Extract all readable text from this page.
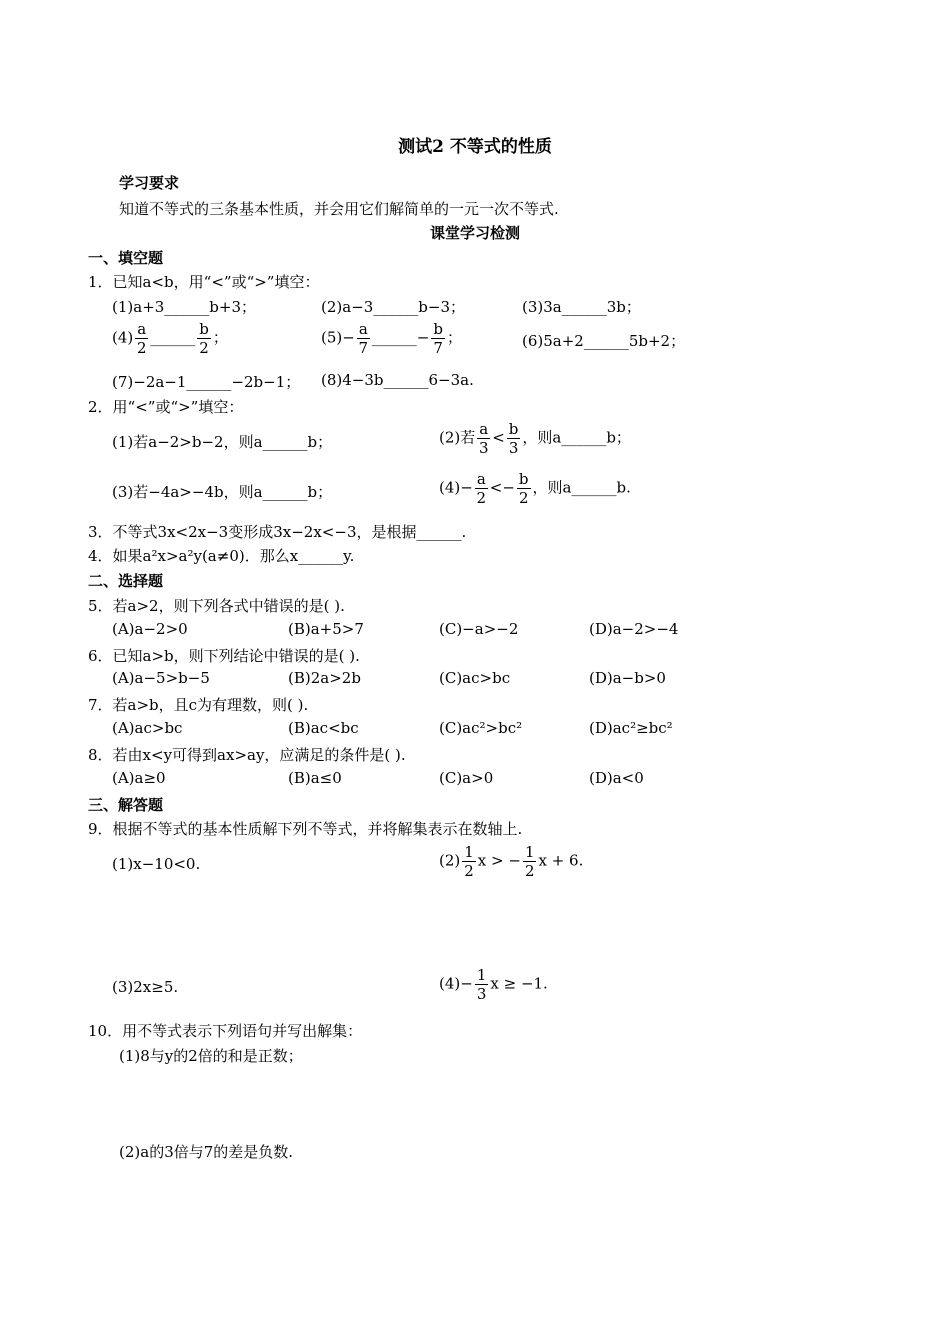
测试2 不等式的性质
学习要求
知道不等式的三条基本性质，并会用它们解简单的一元一次不等式.
课堂学习检测
一、填空题
1．已知a<b，用“<”或“>”填空：
(1)a+3______b+3；	(2)a−3______b−3；	(3)3a______3b；
$(4) \frac{a}{2}$ ______ $\frac{b}{2}$ ；	$(5)- \frac{a}{7}$ ______− $\frac{b}{7}$ ；	(6)5a+2______5b+2；
(7)−2a−1______−2b−1； (8)4−3b______6−3a.
2．用“<”或“>”填空：
(1)若a−2>b−2，则a______b；	(2)若 $\frac{a}{3} < \frac{b}{3}$ ，则a______b；
(3)若−4a>−4b，则a______b；	$(4)- \frac{a}{2} <- \frac{b}{2}$ ，则a______b.
3．不等式3x<2x−3变形成3x−2x<−3，是根据______.
4．如果a²x>a²y(a≠0)．那么x______y.
二、选择题
5．若a>2，则下列各式中错误的是( ).
(A)a−2>0	(B)a+5>7	(C)−a>−2	(D)a−2>−4
6．已知a>b，则下列结论中错误的是( ).
(A)a−5>b−5	(B)2a>2b	(C)ac>bc	(D)a−b>0
7．若a>b，且c为有理数，则( ).
(A)ac>bc	(B)ac<bc	(C)ac²>bc²	(D)ac²≥bc²
8．若由x<y可得到ax>ay，应满足的条件是( ).
(A)a≥0	(B)a≤0	(C)a>0	(D)a<0
三、解答题
9．根据不等式的基本性质解下列不等式，并将解集表示在数轴上.
(1)x−10<0.	$(2) \frac{1}{2}$ x > − $\frac{1}{2}$ x + 6.
(3)2x≥5.	$(4)- \frac{1}{3}$ x ≥ −1.
10．用不等式表示下列语句并写出解集：
(1)8与y的2倍的和是正数；
(2)a的3倍与7的差是负数.
